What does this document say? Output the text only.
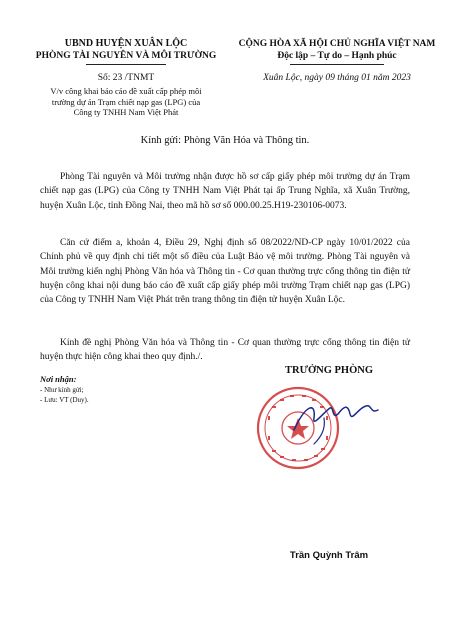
UBND HUYỆN XUÂN LỘC
PHÒNG TÀI NGUYÊN VÀ MÔI TRƯỜNG
Số: 23 /TNMT
V/v công khai báo cáo đề xuất cấp phép môi
trường dự án Trạm chiết nạp gas (LPG) của
Công ty TNHH Nam Việt Phát
CỘNG HÒA XÃ HỘI CHỦ NGHĨA VIỆT NAM
Độc lập – Tự do – Hạnh phúc
Xuân Lộc, ngày 09 tháng 01 năm 2023
Kính gửi: Phòng Văn Hóa và Thông tin.
Phòng Tài nguyên và Môi trường nhận được hồ sơ cấp giấy phép môi trường dự án Trạm chiết nạp gas (LPG) của Công ty TNHH Nam Việt Phát tại ấp Trung Nghĩa, xã Xuân Trường, huyện Xuân Lộc, tỉnh Đồng Nai, theo mã hồ sơ số 000.00.25.H19-230106-0073.
Căn cứ điểm a, khoản 4, Điều 29, Nghị định số 08/2022/ND-CP ngày 10/01/2022 của Chính phủ về quy định chi tiết một số điều của Luật Bảo vệ môi trường. Phòng Tài nguyên và Môi trường kiến nghị Phòng Văn hóa và Thông tin - Cơ quan thường trực cổng thông tin điện tử huyện công khai nội dung báo cáo đề xuất cấp giấy phép môi trường Trạm chiết nạp gas (LPG) của Công ty TNHH Nam Việt Phát trên trang thông tin điện tử huyện Xuân Lộc.
Kính đề nghị Phòng Văn hóa và Thông tin - Cơ quan thường trực cổng thông tin điện tử huyện thực hiện công khai theo quy định./.
Nơi nhận:
- Như kính gửi;
- Lưu: VT (Duy).
TRƯỞNG PHÒNG
Trần Quỳnh Trâm
